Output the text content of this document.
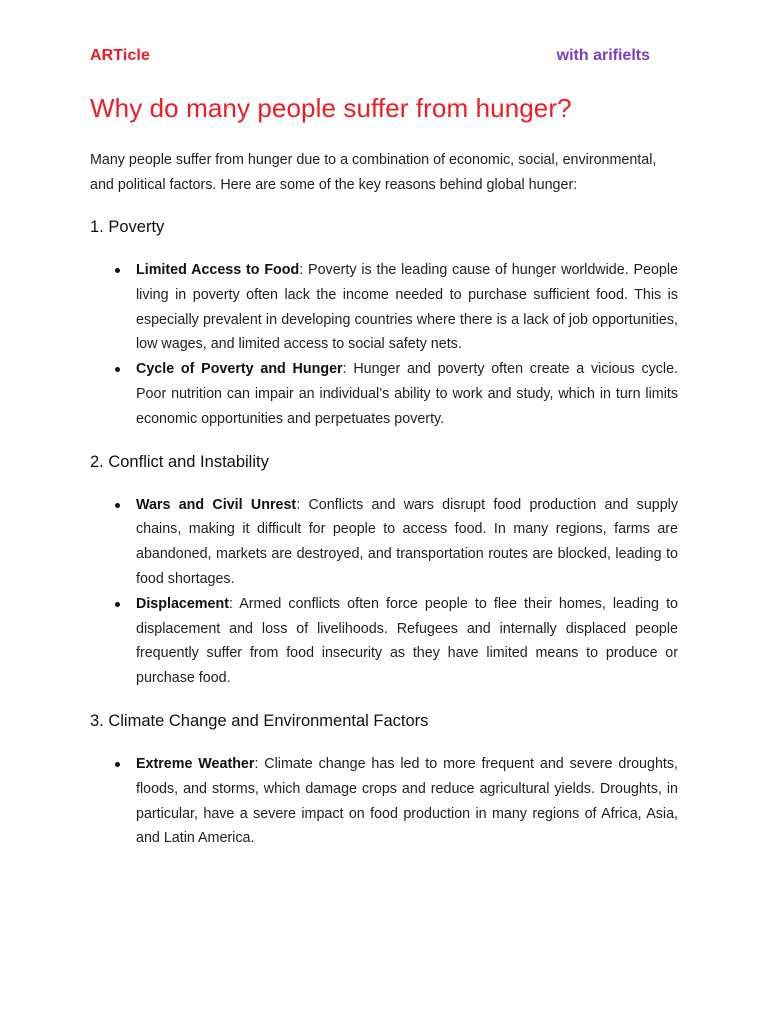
ARTicle	with arifielts
Why do many people suffer from hunger?

Many people suffer from hunger due to a combination of economic, social, environmental, and political factors. Here are some of the key reasons behind global hunger:

1. Poverty
Limited Access to Food: Poverty is the leading cause of hunger worldwide. People living in poverty often lack the income needed to purchase sufficient food. This is especially prevalent in developing countries where there is a lack of job opportunities, low wages, and limited access to social safety nets.
Cycle of Poverty and Hunger: Hunger and poverty often create a vicious cycle. Poor nutrition can impair an individual’s ability to work and study, which in turn limits economic opportunities and perpetuates poverty.
2. Conflict and Instability
Wars and Civil Unrest: Conflicts and wars disrupt food production and supply chains, making it difficult for people to access food. In many regions, farms are abandoned, markets are destroyed, and transportation routes are blocked, leading to food shortages.
Displacement: Armed conflicts often force people to flee their homes, leading to displacement and loss of livelihoods. Refugees and internally displaced people frequently suffer from food insecurity as they have limited means to produce or purchase food.
3. Climate Change and Environmental Factors
Extreme Weather: Climate change has led to more frequent and severe droughts, floods, and storms, which damage crops and reduce agricultural yields. Droughts, in particular, have a severe impact on food production in many regions of Africa, Asia, and Latin America.
